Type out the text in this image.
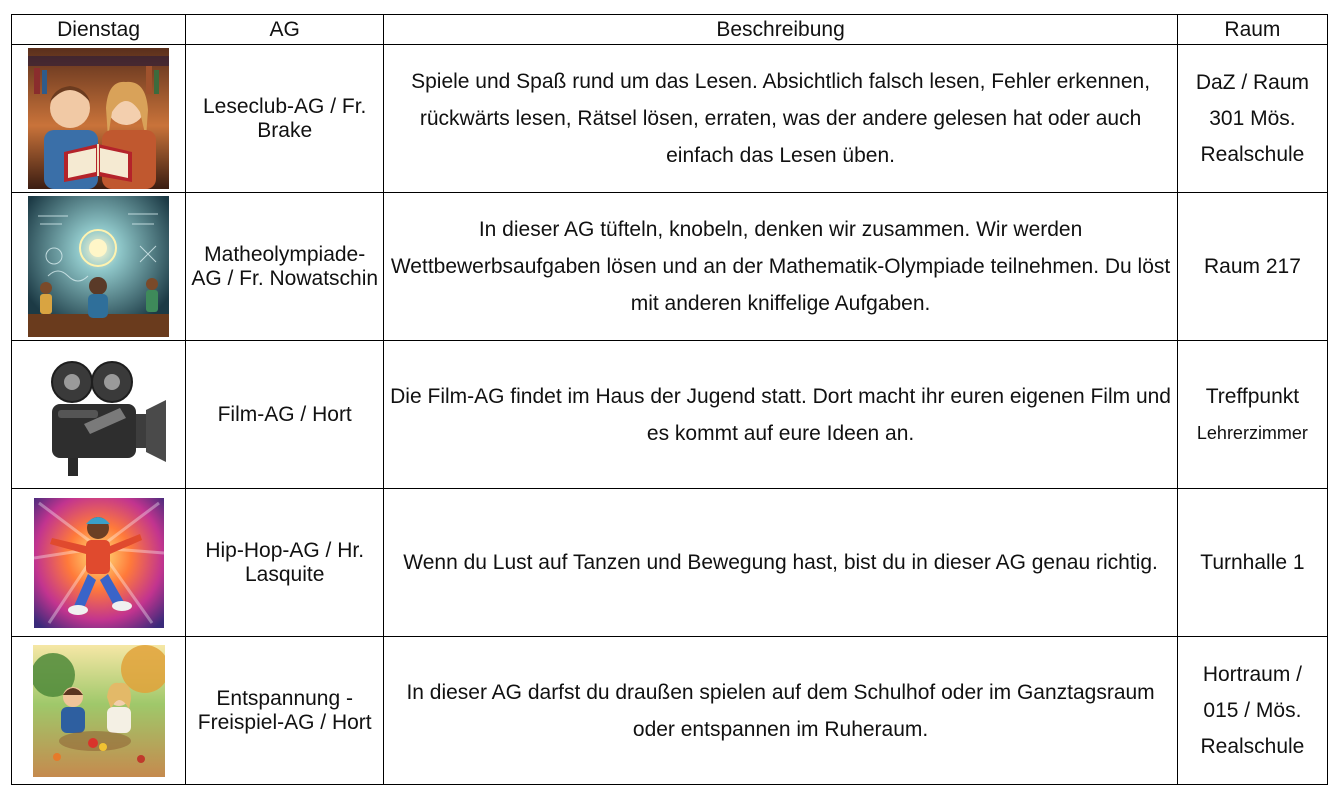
Dienstag	AG	Beschreibung	Raum

Leseclub-AG / Fr. Brake	Spiele und Spaß rund um das Lesen. Absichtlich falsch lesen, Fehler erkennen, rückwärts lesen, Rätsel lösen, erraten, was der andere gelesen hat oder auch einfach das Lesen üben.	DaZ / Raum
301 Mös.
Realschule

Matheolympiade-AG / Fr. Nowatschin	In dieser AG tüfteln, knobeln, denken wir zusammen. Wir werden Wettbewerbsaufgaben lösen und an der Mathematik-Olympiade teilnehmen. Du löst mit anderen kniffelige Aufgaben.	Raum 217

Film-AG / Hort	Die Film-AG findet im Haus der Jugend statt. Dort macht ihr euren eigenen Film und es kommt auf eure Ideen an.	Treffpunkt
Lehrerzimmer

Hip-Hop-AG / Hr. Lasquite	Wenn du Lust auf Tanzen und Bewegung hast, bist du in dieser AG genau richtig.	Turnhalle 1

Entspannung - Freispiel-AG / Hort	In dieser AG darfst du draußen spielen auf dem Schulhof oder im Ganztagsraum oder entspannen im Ruheraum.	Hortraum /
015 / Mös.
Realschule
